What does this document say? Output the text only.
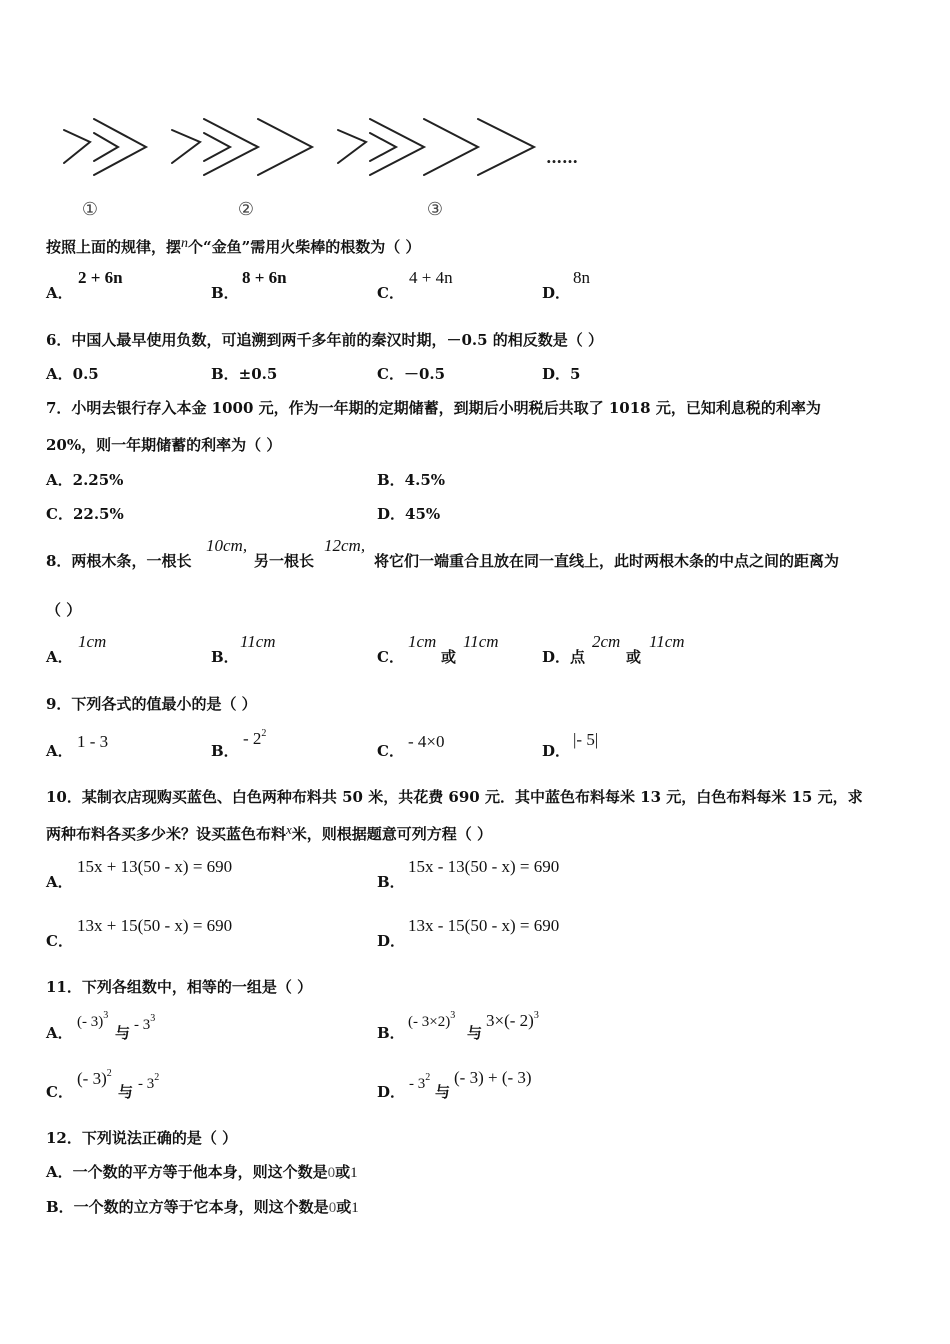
①	②	③
……
按照上面的规律，摆n个“金鱼”需用火柴棒的根数为（ ）
A．
2 + 6n
B．
8 + 6n
C．
4 + 4n
D．
8n
6．中国人最早使用负数，可追溯到两千多年前的秦汉时期，－0.5 的相反数是（ ）
A．0.5	B．±0.5	C．－0.5	D．5
7．小明去银行存入本金 1000 元，作为一年期的定期储蓄，到期后小明税后共取了 1018 元，已知利息税的利率为
20%，则一年期储蓄的利率为（ ）
A．2.25%	B．4.5%
C．22.5%	D．45%
8．两根木条，一根长
10cm,
另一根长
12cm,
将它们一端重合且放在同一直线上，此时两根木条的中点之间的距离为
（ ）
A．
1cm
B．
11cm
C．
1cm
或
11cm
D．点
2cm
或
11cm
9．下列各式的值最小的是（ ）
A． 1 - 3	B．
- $2^2$
C． - 4×0	D．
|- 5|
10．某制衣店现购买蓝色、白色两种布料共 50 米，共花费 690 元．其中蓝色布料每米 13 元，白色布料每米 15 元，求
两种布料各买多少米？设买蓝色布料x米，则根据题意可列方程（ ）
A．
15x + 13(50 - x) = 690
B．
15x - 13(50 - x) = 690
C．
13x + 15(50 - x) = 690
D．
13x - 15(50 - x) = 690
11．下列各组数中，相等的一组是（ ）
A．
(- 3)$^3$
与 - $3^3$
B．
(- 3×2)$^3$
与
3×(- 2)$^3$
C．
(- 3)$^2$
与 - $3^2$
D． - $3^2$
与
(- 3) + (- 3)
12．下列说法正确的是（ ）
A．一个数的平方等于他本身，则这个数是0或1
B．一个数的立方等于它本身，则这个数是0或1
